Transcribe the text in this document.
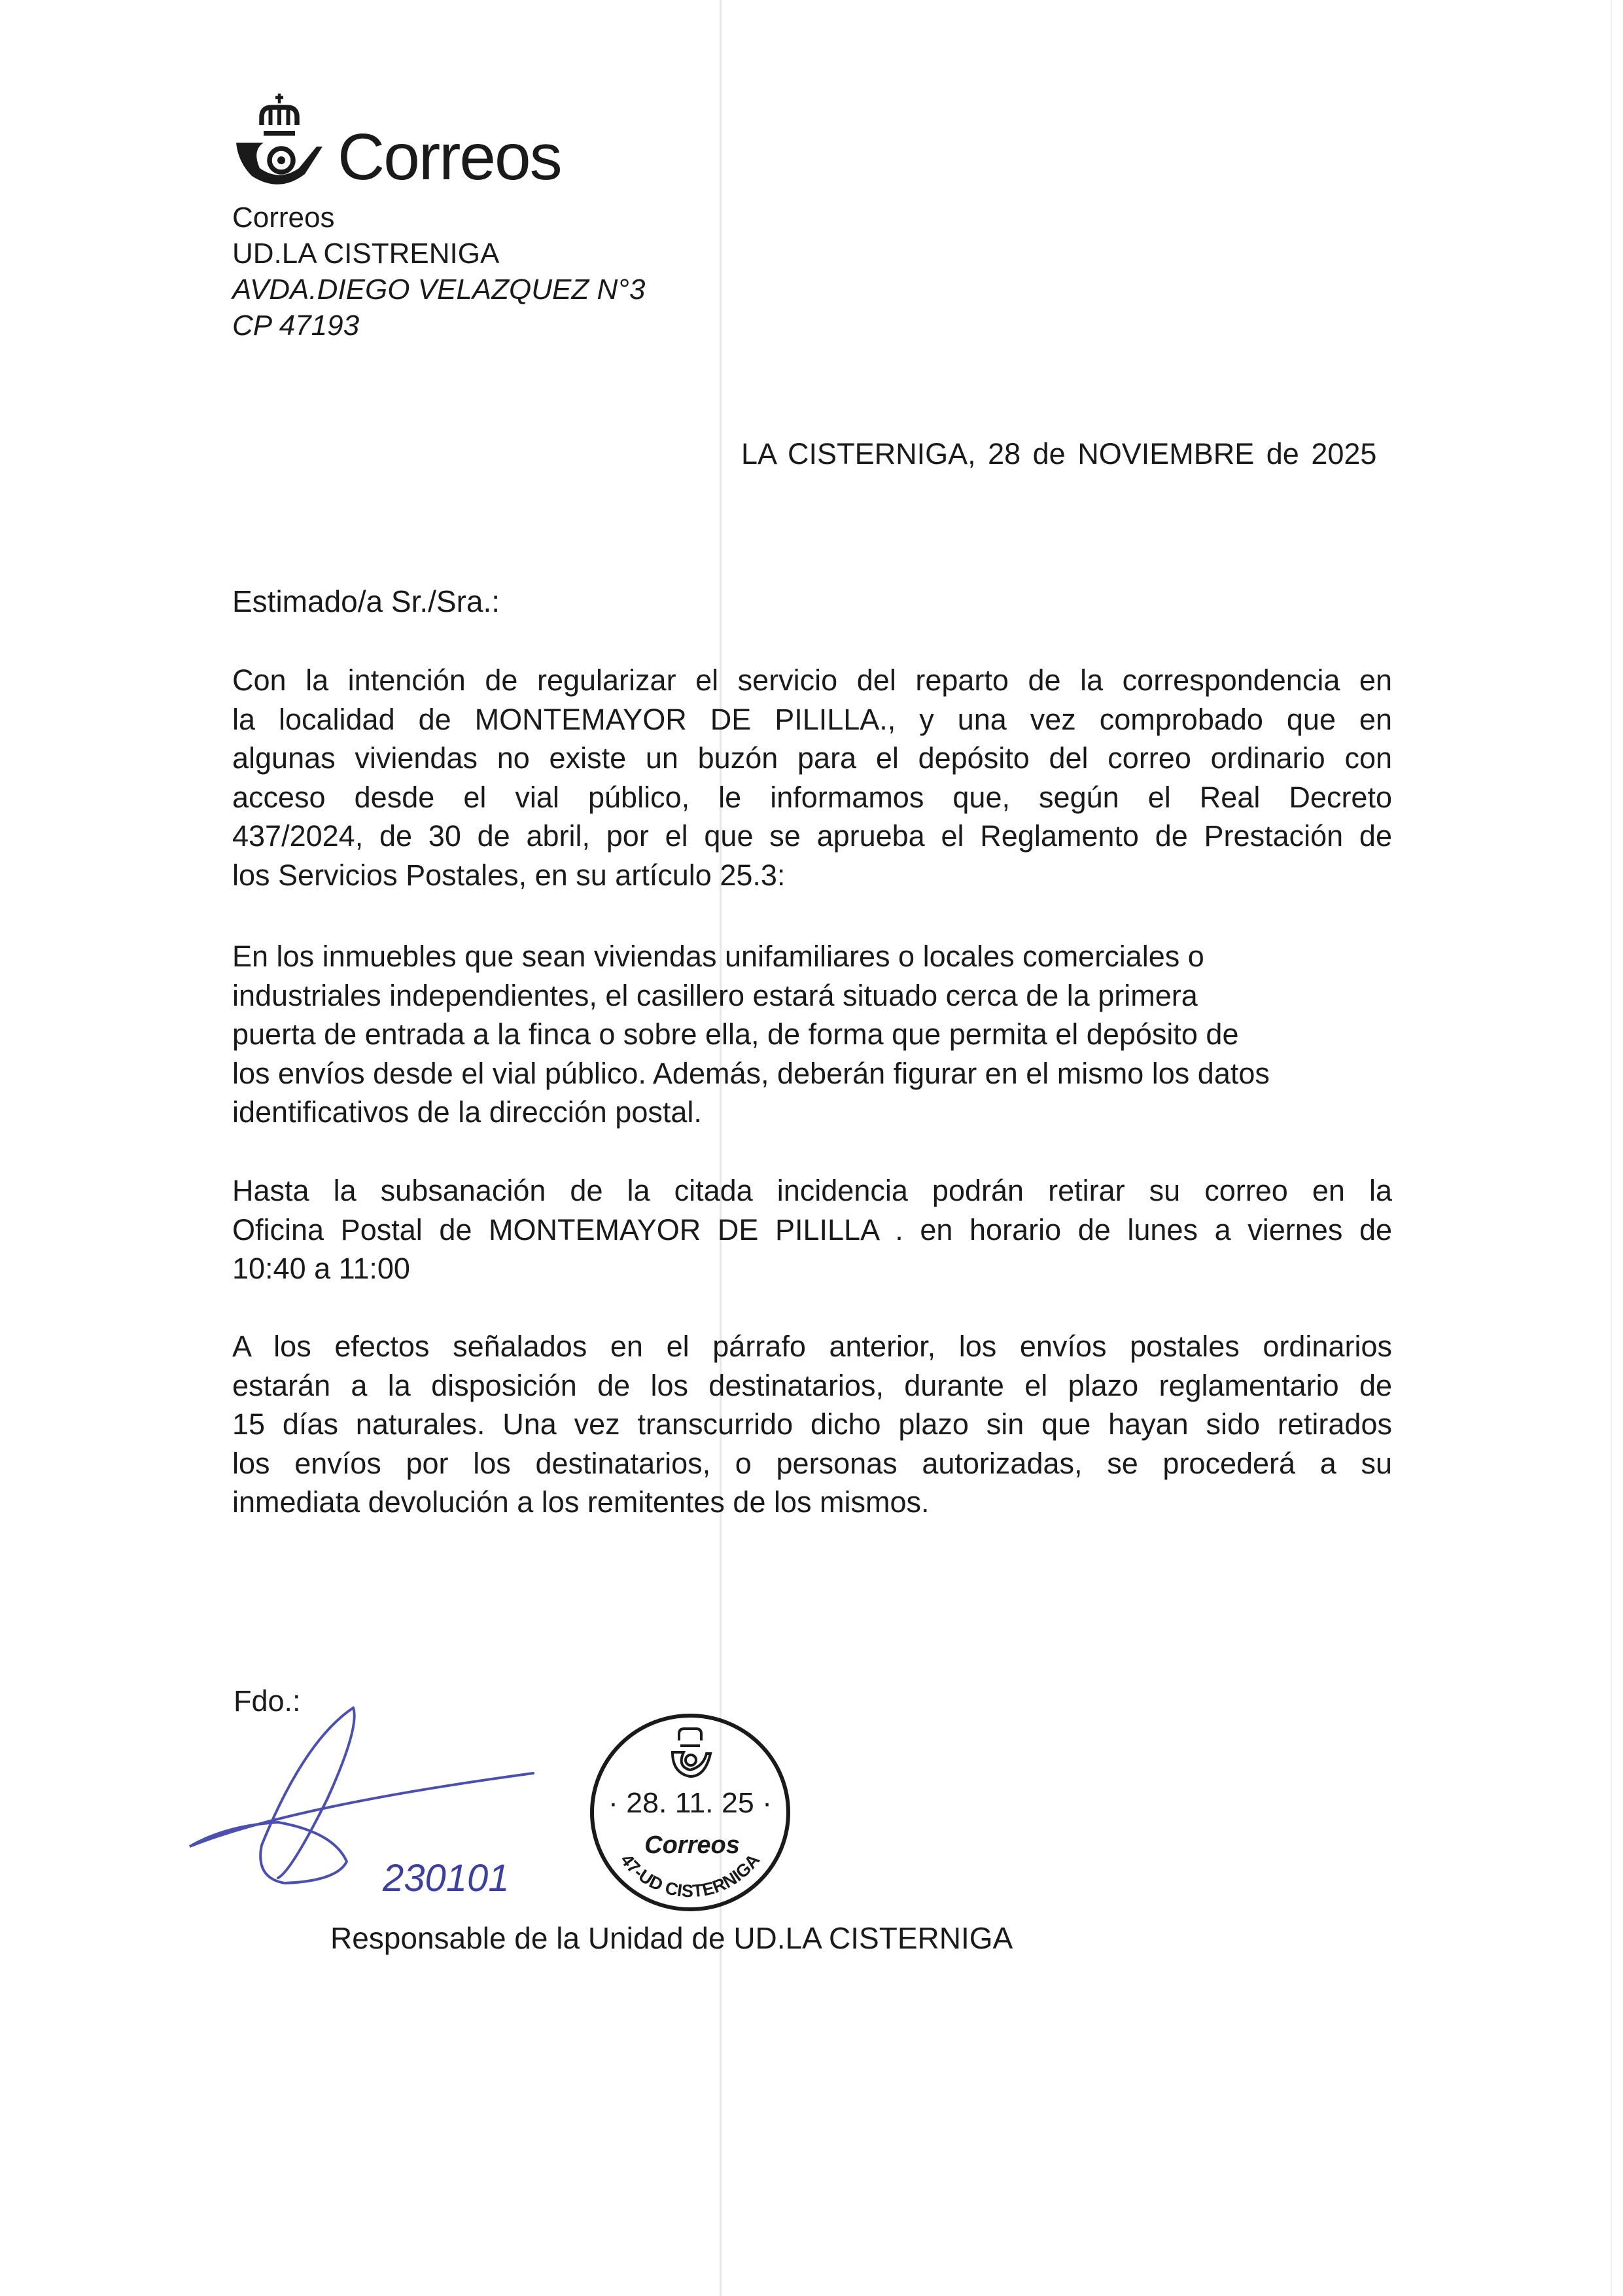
Correos
Correos
UD.LA CISTRENIGA
AVDA.DIEGO VELAZQUEZ N°3
CP 47193
LA CISTERNIGA, 28 de NOVIEMBRE de 2025
Estimado/a Sr./Sra.:
Con la intención de regularizar el servicio del reparto de la correspondencia en
la localidad de MONTEMAYOR DE PILILLA., y una vez comprobado que en
algunas viviendas no existe un buzón para el depósito del correo ordinario con
acceso desde el vial público, le informamos que, según el Real Decreto
437/2024, de 30 de abril, por el que se aprueba el Reglamento de Prestación de
los Servicios Postales, en su artículo 25.3:
En los inmuebles que sean viviendas unifamiliares o locales comerciales o
industriales independientes, el casillero estará situado cerca de la primera
puerta de entrada a la finca o sobre ella, de forma que permita el depósito de
los envíos desde el vial público. Además, deberán figurar en el mismo los datos
identificativos de la dirección postal.
Hasta la subsanación de la citada incidencia podrán retirar su correo en la
Oficina Postal de MONTEMAYOR DE PILILLA . en horario de lunes a viernes de
10:40 a 11:00
A los efectos señalados en el párrafo anterior, los envíos postales ordinarios
estarán a la disposición de los destinatarios, durante el plazo reglamentario de
15 días naturales. Una vez transcurrido dicho plazo sin que hayan sido retirados
los envíos por los destinatarios, o personas autorizadas, se procederá a su
inmediata devolución a los remitentes de los mismos.
Fdo.:
230101
· 28. 11. 25 ·
Correos
47-UD CISTERNIGA
Responsable de la Unidad de UD.LA CISTERNIGA
